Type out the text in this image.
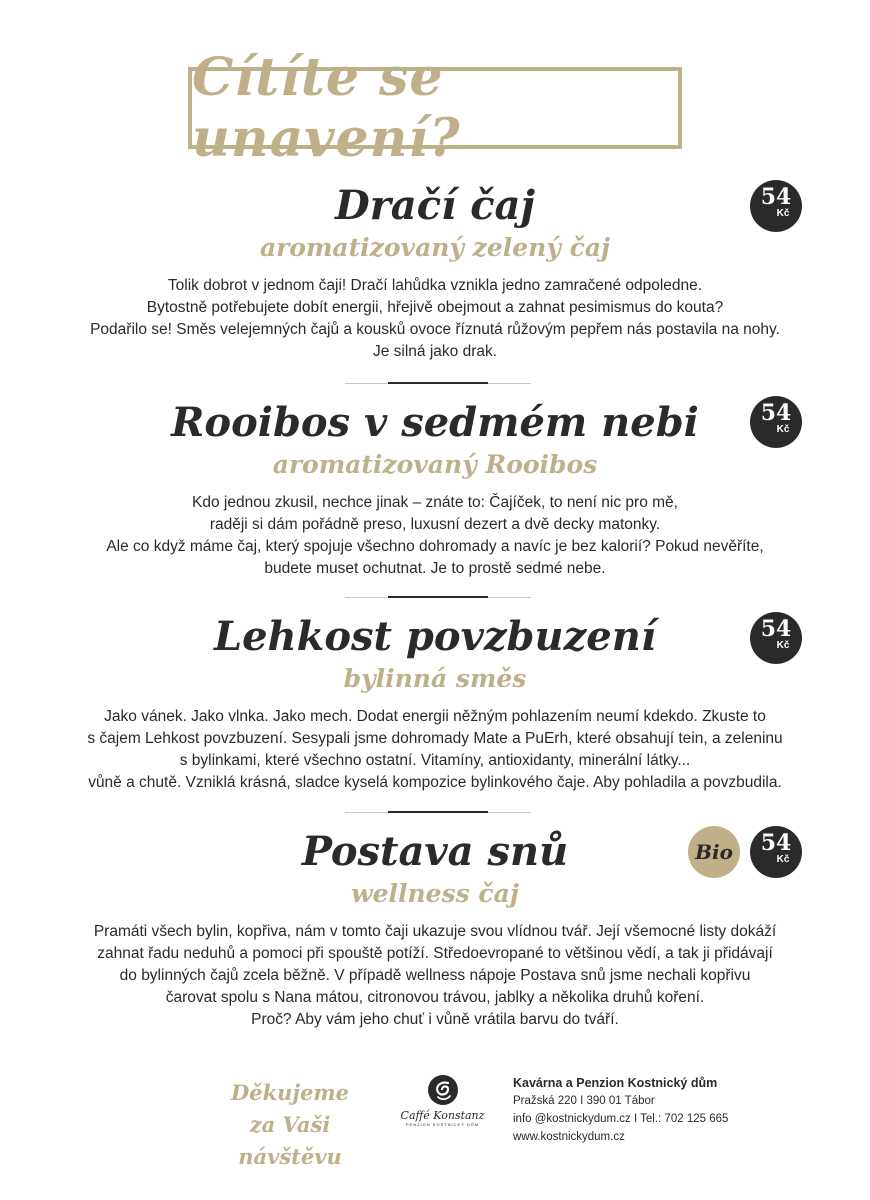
Cítíte se unavení?
Dračí čaj
aromatizovaný zelený čaj

Tolik dobrot v jednom čaji! Dračí lahůdka vznikla jedno zamračené odpoledne.
Bytostně potřebujete dobít energii, hřejivě obejmout a zahnat pesimismus do kouta?
Podařilo se! Směs velejemných čajů a kousků ovoce říznutá růžovým pepřem nás postavila na nohy.
Je silná jako drak.

54
Kč
Rooibos v sedmém nebi
aromatizovaný Rooibos

Kdo jednou zkusil, nechce jinak – znáte to: Čajíček, to není nic pro mě,
raději si dám pořádně preso, luxusní dezert a dvě decky matonky.
Ale co když máme čaj, který spojuje všechno dohromady a navíc je bez kalorií? Pokud nevěříte,
budete muset ochutnat. Je to prostě sedmé nebe.

54
Kč
Lehkost povzbuzení
bylinná směs

Jako vánek. Jako vlnka. Jako mech. Dodat energii něžným pohlazením neumí kdekdo. Zkuste to
s čajem Lehkost povzbuzení. Sesypali jsme dohromady Mate a PuErh, které obsahují tein, a zeleninu
s bylinkami, které všechno ostatní. Vitamíny, antioxidanty, minerální látky...
vůně a chutě. Vzniklá krásná, sladce kyselá kompozice bylinkového čaje. Aby pohladila a povzbudila.

54
Kč
Postava snů
wellness čaj

Pramáti všech bylin, kopřiva, nám v tomto čaji ukazuje svou vlídnou tvář. Její všemocné listy dokáží
zahnat řadu neduhů a pomoci při spouště potíží. Středoevropané to většinou vědí, a tak ji přidávají
do bylinných čajů zcela běžně. V případě wellness nápoje Postava snů jsme nechali kopřivu
čarovat spolu s Nana mátou, citronovou trávou, jablky a několika druhů koření.
Proč? Aby vám jeho chuť i vůně vrátila barvu do tváří.

Bio	54
Kč
Děkujeme
za Vaši návštěvu
Caffé Konstanz
PENZION KOSTNICKÝ DŮM
Kavárna a Penzion Kostnický dům
Pražská 220 I 390 01 Tábor
info @kostnickydum.cz I Tel.: 702 125 665
www.kostnickydum.cz
